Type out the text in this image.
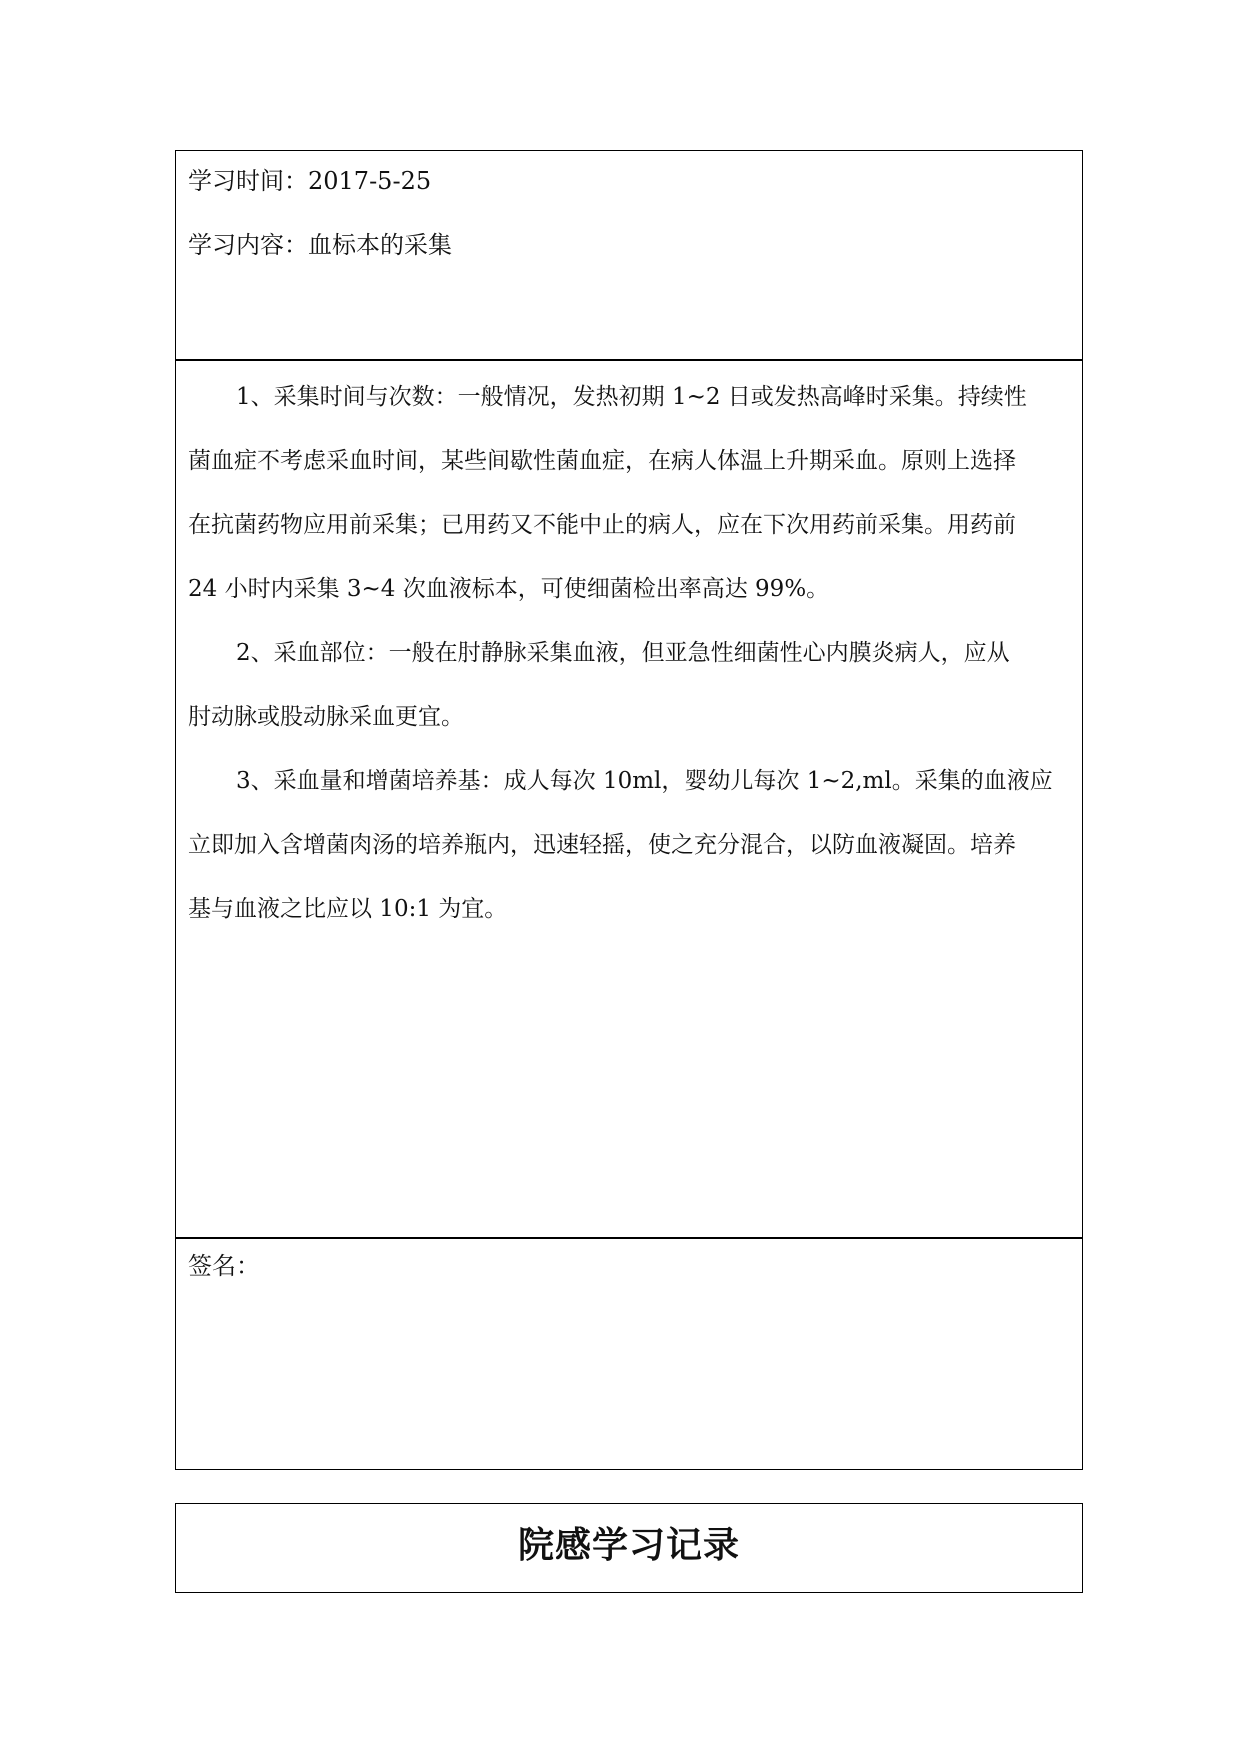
学习时间：2017-5-25
学习内容：血标本的采集
1、采集时间与次数：一般情况，发热初期 1~2 日或发热高峰时采集。持续性
菌血症不考虑采血时间，某些间歇性菌血症，在病人体温上升期采血。原则上选择
在抗菌药物应用前采集；已用药又不能中止的病人，应在下次用药前采集。用药前
24 小时内采集 3~4 次血液标本，可使细菌检出率高达 99%。
2、采血部位：一般在肘静脉采集血液，但亚急性细菌性心内膜炎病人，应从
肘动脉或股动脉采血更宜。
3、采血量和增菌培养基：成人每次 10ml，婴幼儿每次 1~2,ml。采集的血液应
立即加入含增菌肉汤的培养瓶内，迅速轻摇，使之充分混合，以防血液凝固。培养
基与血液之比应以 10:1 为宜。
签名：
院感学习记录
